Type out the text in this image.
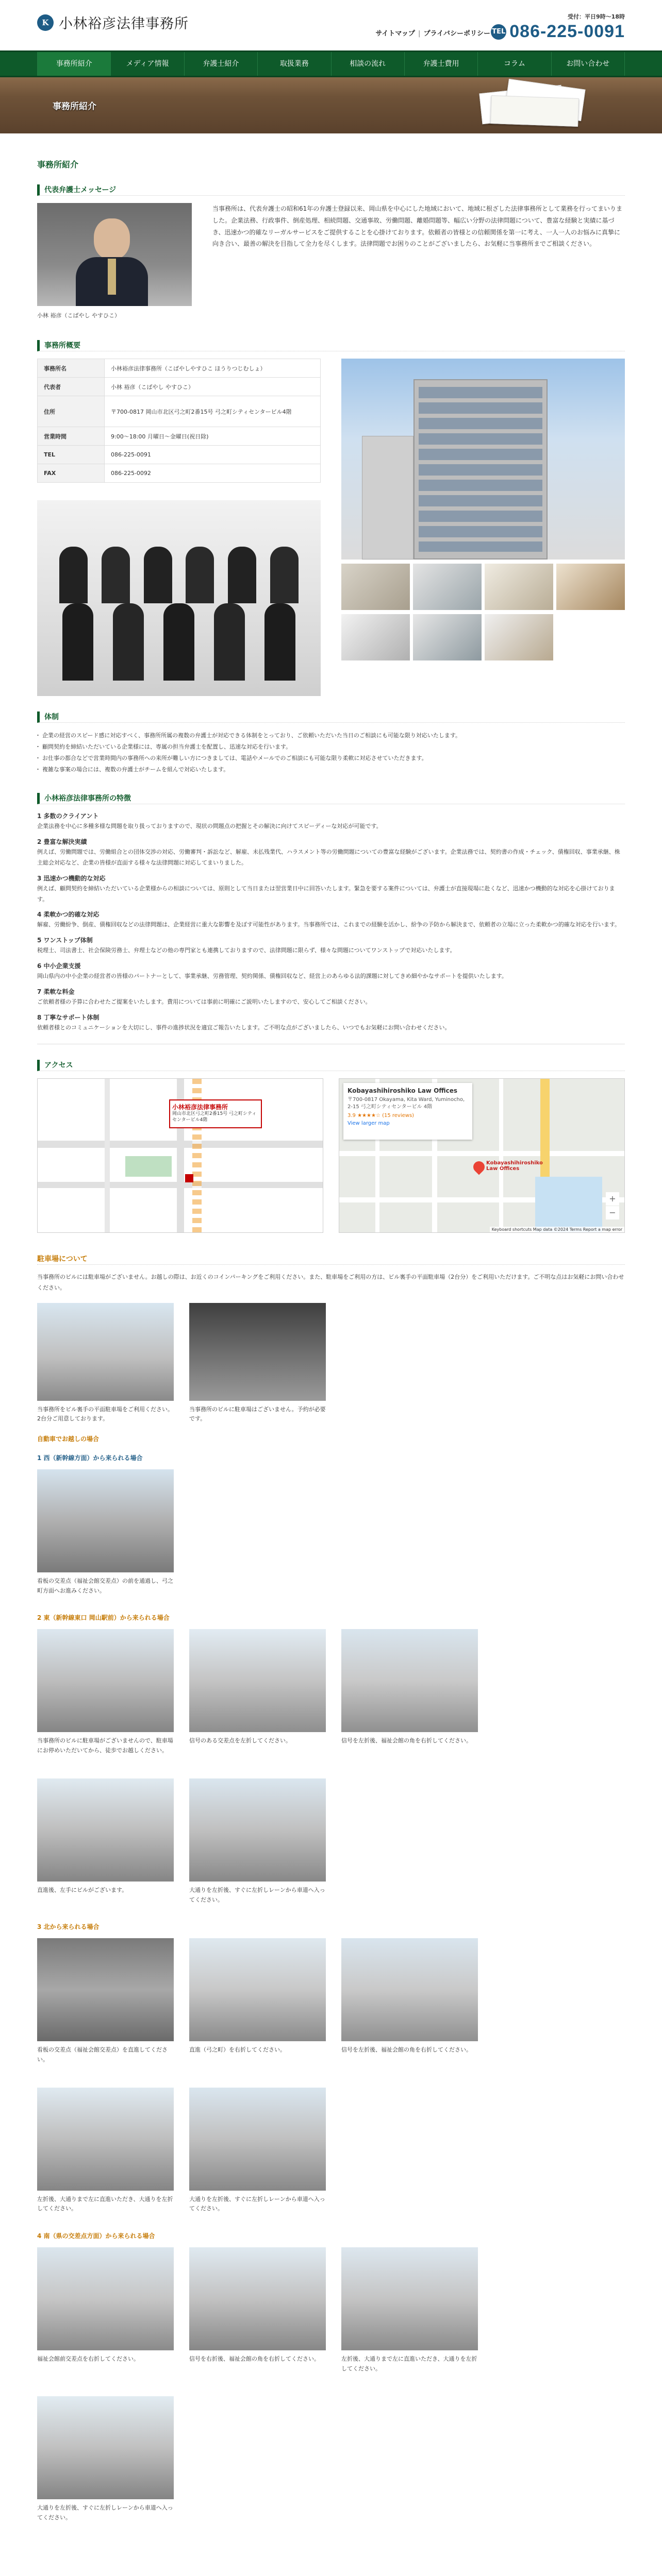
K 小林裕彦法律事務所
サイトマップ | プライバシーポリシー
受付：平日9時～18時
TEL 086-225-0091
事務所紹介	メディア情報	弁護士紹介	取扱業務	相談の流れ	弁護士費用	コラム	お問い合わせ
事務所紹介
事務所紹介
代表弁護士メッセージ
小林 裕彦（こばやし やすひこ）
当事務所は、代表弁護士の昭和61年の弁護士登録以来、岡山県を中心にした地域において、地域に根ざした法律事務所として業務を行ってまいりました。企業法務、行政事件、倒産処理、相続問題、交通事故、労働問題、離婚問題等、幅広い分野の法律問題について、豊富な経験と実績に基づき、迅速かつ的確なリーガルサービスをご提供することを心掛けております。依頼者の皆様との信頼関係を第一に考え、一人一人のお悩みに真摯に向き合い、最善の解決を目指して全力を尽くします。法律問題でお困りのことがございましたら、お気軽に当事務所までご相談ください。
事務所概要
事務所名	小林裕彦法律事務所（こばやしやすひこ ほうりつじむしょ）
代表者	小林 裕彦（こばやし やすひこ）
住所	〒700-0817 岡山市北区弓之町2番15号 弓之町シティセンタービル4階
営業時間	9:00～18:00 月曜日～金曜日(祝日除)
TEL	086-225-0091
FAX	086-225-0092
体制
・ 企業の経営のスピード感に対応すべく、事務所所属の複数の弁護士が対応できる体制をとっており、ご依頼いただいた当日のご相談にも可能な限り対応いたします。
・ 顧問契約を締結いただいている企業様には、専属の担当弁護士を配置し、迅速な対応を行います。
・ お仕事の都合などで営業時間内の事務所への来所が難しい方につきましては、電話やメールでのご相談にも可能な限り柔軟に対応させていただきます。
・ 複雑な事案の場合には、複数の弁護士がチームを組んで対応いたします。
小林裕彦法律事務所の特徴
1 多数のクライアント

企業法務を中心に多種多様な問題を取り扱っておりますので、現状の問題点の把握とその解決に向けてスピーディーな対応が可能です。

2 豊富な解決実績

例えば、労働問題では、労働組合との団体交渉の対応、労働審判・訴訟など、解雇、未払残業代、ハラスメント等の労働問題についての豊富な経験がございます。企業法務では、契約書の作成・チェック、債権回収、事業承継、株主総会対応など、企業の皆様が直面する様々な法律問題に対応してまいりました。

3 迅速かつ機動的な対応

例えば、顧問契約を締結いただいている企業様からの相談については、原則として当日または翌営業日中に回答いたします。緊急を要する案件については、弁護士が直接現場に赴くなど、迅速かつ機動的な対応を心掛けております。

4 柔軟かつ的確な対応

解雇、労働紛争、倒産、債権回収などの法律問題は、企業経営に重大な影響を及ぼす可能性があります。当事務所では、これまでの経験を活かし、紛争の予防から解決まで、依頼者の立場に立った柔軟かつ的確な対応を行います。

5 ワンストップ体制

税理士、司法書士、社会保険労務士、弁理士などの他の専門家とも連携しておりますので、法律問題に限らず、様々な問題についてワンストップで対応いたします。

6 中小企業支援

岡山県内の中小企業の経営者の皆様のパートナーとして、事業承継、労務管理、契約関係、債権回収など、経営上のあらゆる法的課題に対してきめ細やかなサポートを提供いたします。

7 柔軟な料金

ご依頼者様の予算に合わせたご提案をいたします。費用については事前に明確にご説明いたしますので、安心してご相談ください。

8 丁寧なサポート体制

依頼者様とのコミュニケーションを大切にし、事件の進捗状況を適宜ご報告いたします。ご不明な点がございましたら、いつでもお気軽にお問い合わせください。

アクセス
小林裕彦法律事務所
岡山市北区弓之町2番15号 弓之町シティセンタービル4階
Kobayashihiroshiko Law Offices
〒700-0817 Okayama, Kita Ward, Yuminocho, 2-15 弓之町シティセンタービル 4階
3.9 ★★★★☆ (15 reviews)
View larger map
Kobayashihiroshiko Law Offices
+
−
Keyboard shortcuts Map data ©2024 Terms Report a map error
駐車場について
当事務所のビルには駐車場がございません。お越しの際は、お近くのコインパーキングをご利用ください。また、駐車場をご利用の方は、ビル裏手の平面駐車場（2台分）をご利用いただけます。ご不明な点はお気軽にお問い合わせください。

当事務所をビル裏手の平面駐車場をご利用ください。2台分ご用意しております。

当事務所のビルに駐車場はございません。予約が必要です。

自動車でお越しの場合
1 西（新幹線方面）から来られる場合

看板の交差点（福祉会館交差点）の前を通過し、弓之町方面へお進みください。

2 東（新幹線東口 岡山駅前）から来られる場合

当事務所のビルに駐車場がございませんので、駐車場にお停めいただいてから、徒歩でお越しください。

信号のある交差点を左折してください。	信号を左折後、福祉会館の角を右折してください。

直進後、左手にビルがございます。	大通りを左折後、すぐに左折しレーンから車道へ入ってください。

3 北から来られる場合

看板の交差点（福祉会館交差点）を直進してください。

直進（弓之町）を右折してください。	信号を左折後、福祉会館の角を右折してください。

左折後、大通りまで左に直進いただき、大通りを左折してください。

大通りを左折後、すぐに左折しレーンから車道へ入ってください。

4 南（県の交差点方面）から来られる場合

福祉会館前交差点を右折してください。	信号を右折後、福祉会館の角を右折してください。	左折後、大通りまで左に直進いただき、大通りを左折してください。

大通りを左折後、すぐに左折しレーンから車道へ入ってください。
